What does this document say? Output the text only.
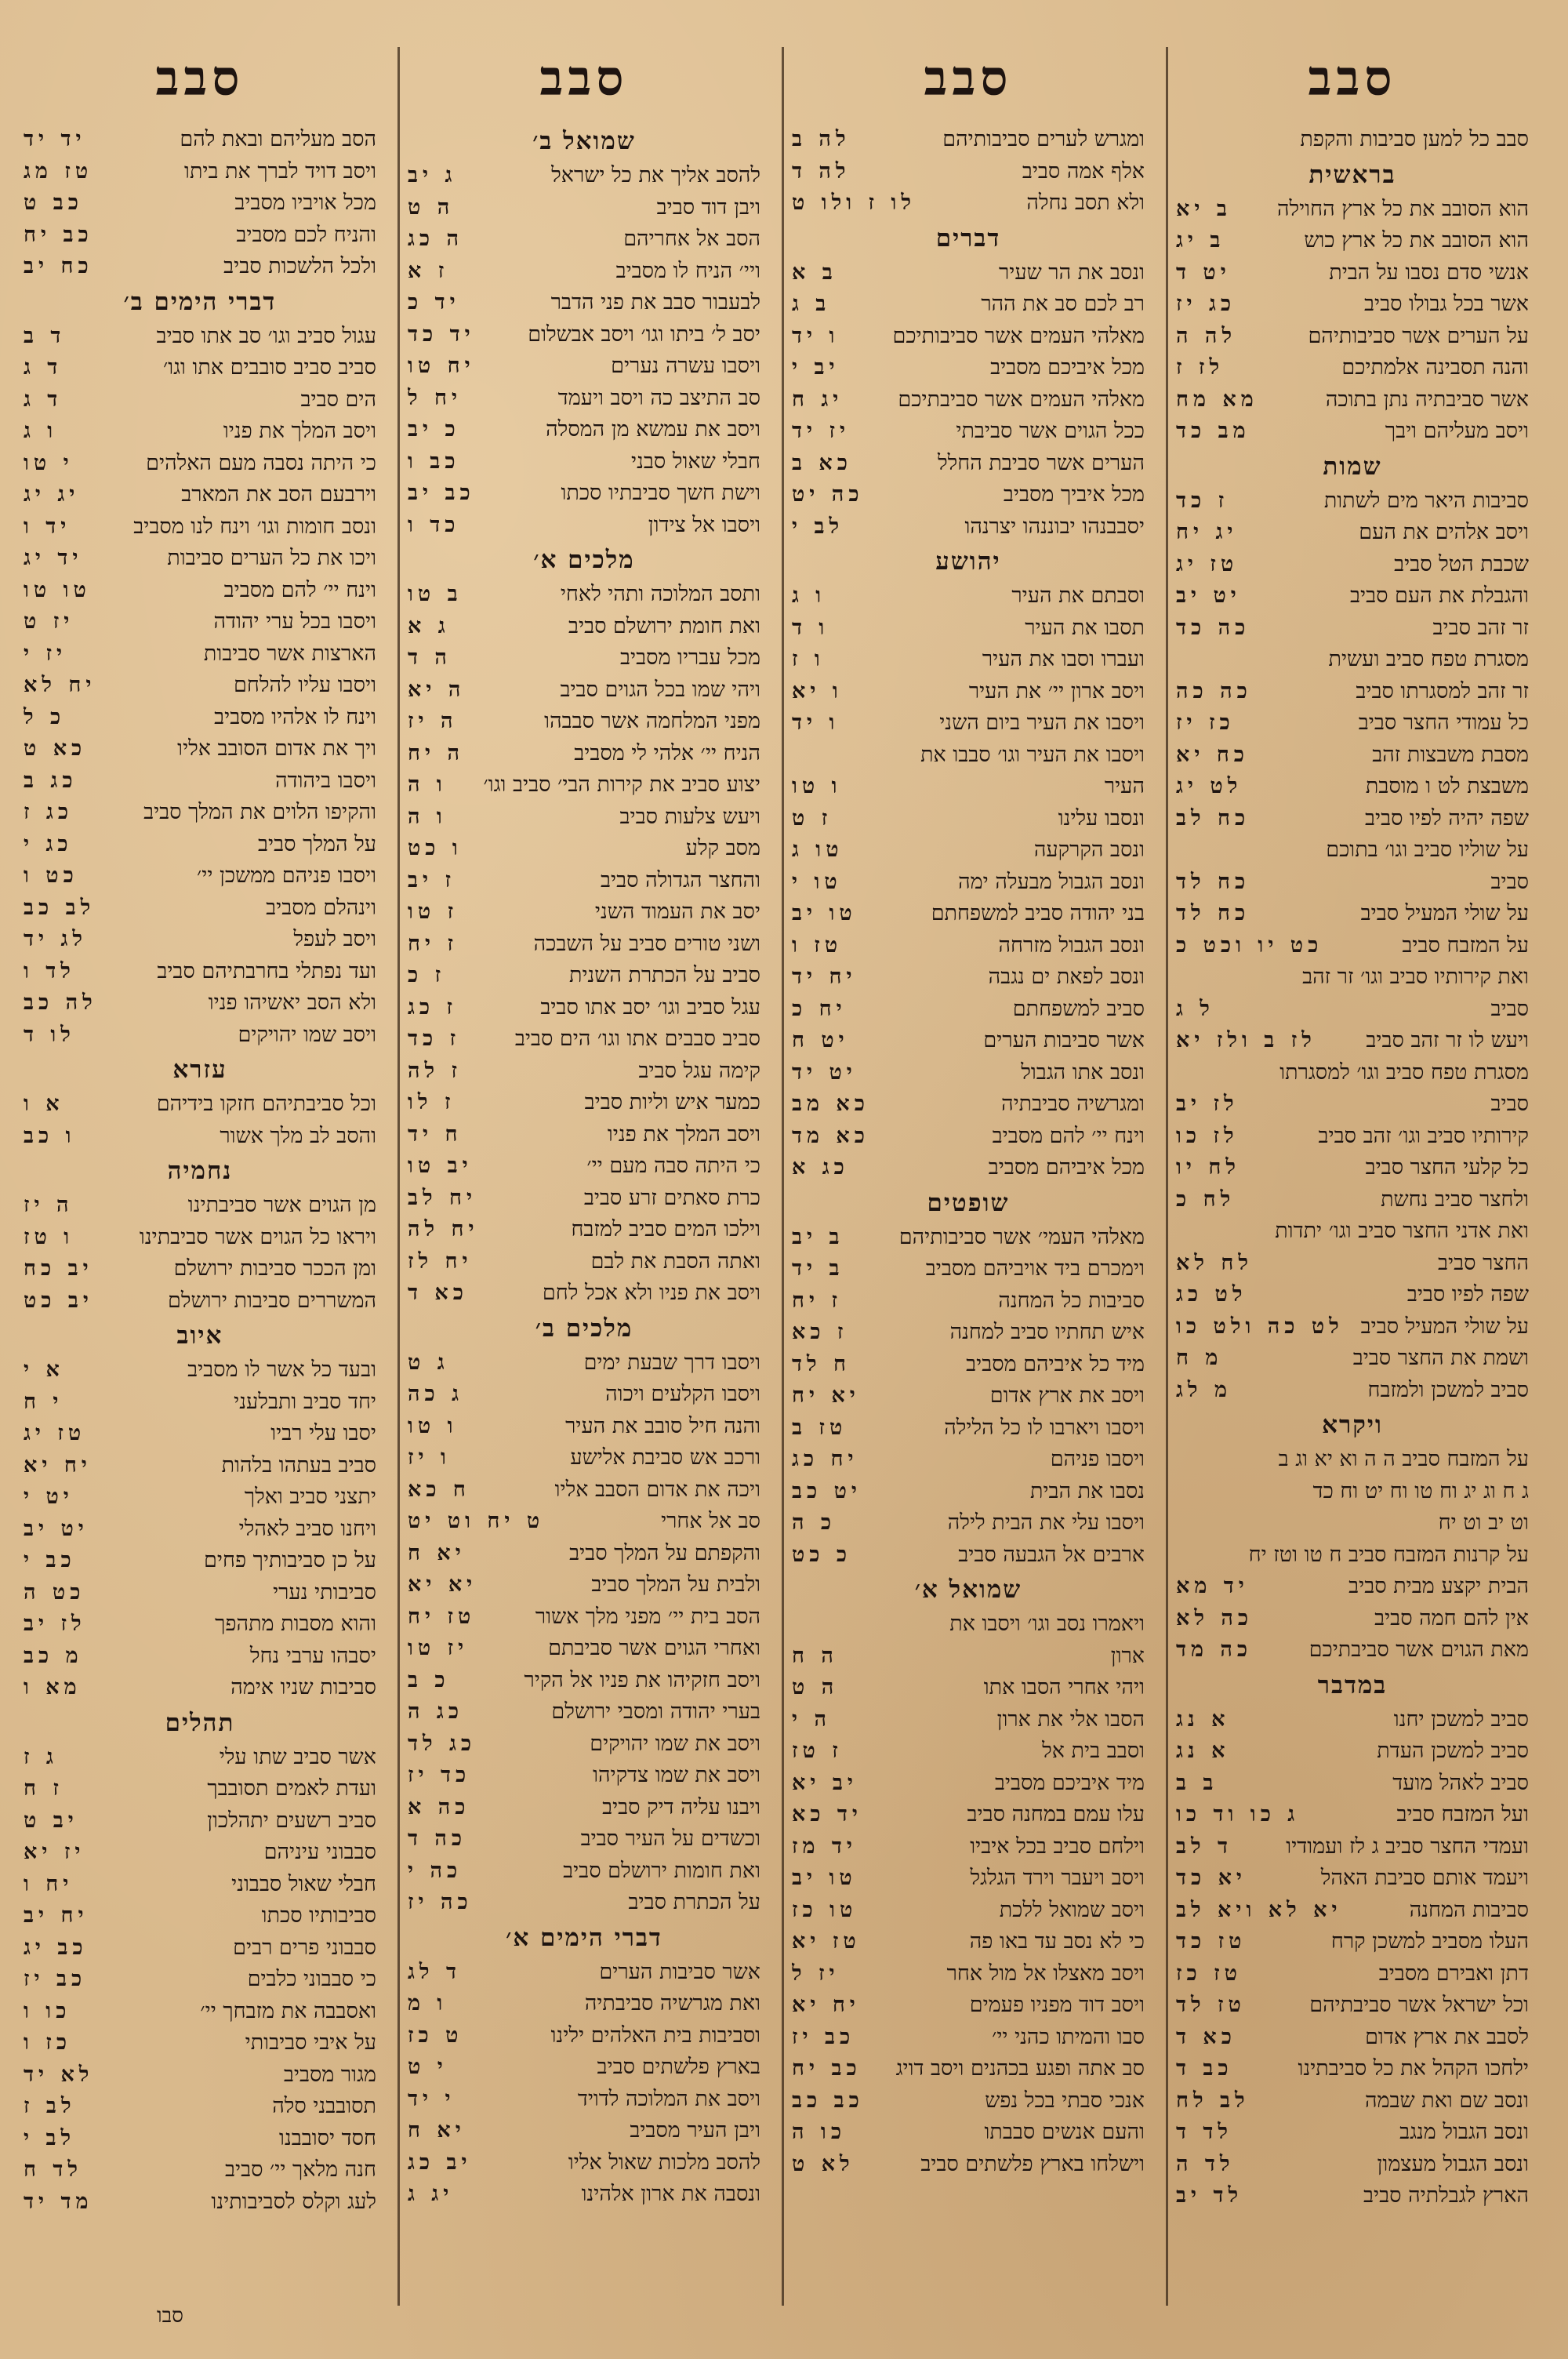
סבב
סבב כל למען סביבות והקפת
בראשית
הוא הסובב את כל ארץ החוילה
ב יא
הוא הסובב את כל ארץ כוש
ב יג
אנשי סדם נסבו על הבית
יט ד
אשר בכל גבולו סביב
כג יז
על הערים אשר סביבותיהם
לה ה
והנה תסבינה אלמתיכם
לז ז
אשר סביבתיה נתן בתוכה
מא מח
ויסב מעליהם ויבך
מב כד
שמות
סביבות היאר מים לשתות
ז כד
ויסב אלהים את העם
יג יח
שכבת הטל סביב
טז יג
והגבלת את העם סביב
יט יב
זר זהב סביב
כה כד
מסגרת טפח סביב ועשית
זר זהב למסגרתו סביב
כה כה
כל עמודי החצר סביב
כז יז
מסבת משבצות זהב
כח יא
משבצת לט ו מוסבת
לט יג
שפה יהיה לפיו סביב
כח לב
על שוליו סביב וגו׳ בתוכם
סביב
כח לד
על שולי המעיל סביב
כח לד
על המזבח סביב
כט יו וכט כ
ואת קירותיו סביב וגו׳ זר זהב
סביב
ל ג
ויעש לו זר זהב סביב
לז ב ולז יא
מסגרת טפח סביב וגו׳ למסגרתו
סביב
לז יב
קירותיו סביב וגו׳ זהב סביב
לז כו
כל קלעי החצר סביב
לח יו
ולחצר סביב נחשת
לח כ
ואת אדני החצר סביב וגו׳ יתדות
החצר סביב
לח לא
שפה לפיו סביב
לט כג
על שולי המעיל סביב
לט כה ולט כו
ושמת את החצר סביב
מ ח
סביב למשכן ולמזבח
מ לג
ויקרא
על המזבח סביב ה ה וא יא וג ב
ג ח וג יג וח טו וח יט וח כד
וט יב וט יח
על קרנות המזבח סביב ח טו וטז יח
הבית יקצע מבית סביב
יד מא
אין להם חמה סביב
כה לא
מאת הגוים אשר סביבתיכם
כה מד
במדבר
סביב למשכן יחנו
א נג
סביב למשכן העדת
א נג
סביב לאהל מועד
ב ב
ועל המזבח סביב
ג כו וד כו
ועמדי החצר סביב ג לז ועמודיו
ד לב
ויעמד אותם סביבת האהל
יא כד
סביבות המחנה
יא לא ויא לב
העלו מסביב למשכן קרח
טז כד
דתן ואבירם מסביב
טז כז
וכל ישראל אשר סביבתיהם
טז לד
לסבב את ארץ אדום
כא ד
ילחכו הקהל את כל סביבתינו
כב ד
ונסב שם ואת שבמה
לב לח
ונסב הגבול מנגב
לד ד
ונסב הגבול מעצמון
לד ה
הארץ לגבלתיה סביב
לד יב
סבב
ומגרש לערים סביבותיהם
לה ב
אלף אמה סביב
לה ד
ולא תסב נחלה
לו ז ולו ט
דברים
ונסב את הר שעיר
ב א
רב לכם סב את ההר
ב ג
מאלהי העמים אשר סביבותיכם
ו יד
מכל איביכם מסביב
יב י
מאלהי העמים אשר סביבתיכם
יג ח
ככל הגוים אשר סביבתי
יז יד
הערים אשר סביבת החלל
כא ב
מכל איביך מסביב
כה יט
יסבבנהו יבוננהו יצרנהו
לב י
יהושע
וסבתם את העיר
ו ג
תסבו את העיר
ו ד
ועברו וסבו את העיר
ו ז
ויסב ארון יי׳ את העיר
ו יא
ויסבו את העיר ביום השני
ו יד
ויסבו את העיר וגו׳ סבבו את
העיר
ו טו
ונסבו עלינו
ז ט
ונסב הקרקעה
טו ג
ונסב הגבול מבעלה ימה
טו י
בני יהודה סביב למשפחתם
טו יב
ונסב הגבול מזרחה
טז ו
ונסב לפאת ים נגבה
יח יד
סביב למשפחתם
יח כ
אשר סביבות הערים
יט ח
ונסב אתו הגבול
יט יד
ומגרשיה סביבתיה
כא מב
וינח יי׳ להם מסביב
כא מד
מכל איביהם מסביב
כג א
שופטים
מאלהי העמי׳ אשר סביבותיהם
ב יב
וימכרם ביד אויביהם מסביב
ב יד
סביבות כל המחנה
ז יח
איש תחתיו סביב למחנה
ז כא
מיד כל איביהם מסביב
ח לד
ויסב את ארץ אדום
יא יח
ויסבו ויארבו לו כל הלילה
טז ב
ויסבו פניהם
יח כג
נסבו את הבית
יט כב
ויסבו עלי את הבית לילה
כ ה
ארבים אל הגבעה סביב
כ כט
שמואל א׳
ויאמרו נסב וגו׳ ויסבו את
ארון
ה ח
ויהי אחרי הסבו אתו
ה ט
הסבו אלי את ארון
ה י
וסבב בית אל
ז טז
מיד איביכם מסביב
יב יא
עלו עמם במחנה סביב
יד כא
וילחם סביב בכל איביו
יד מז
ויסב ויעבר וירד הגלגל
טו יב
ויסב שמואל ללכת
טו כז
כי לא נסב עד באו פה
טז יא
ויסב מאצלו אל מול אחר
יז ל
ויסב דוד מפניו פעמים
יח יא
סבו והמיתו כהני יי׳
כב יז
סב אתה ופגע בכהנים ויסב דויג
כב יח
אנכי סבתי בכל נפש
כב כב
והעם אנשים סבבתו
כו ה
וישלחו בארץ פלשתים סביב
לא ט
סבב
שמואל ב׳
להסב אליך את כל ישראל
ג יב
ויבן דוד סביב
ה ט
הסב אל אחריהם
ה כג
ויי׳ הניח לו מסביב
ז א
לבעבור סבב את פני הדבר
יד כ
יסב ל׳ ביתו וגו׳ ויסב אבשלום
יד כד
ויסבו עשרה נערים
יח טו
סב התיצב כה ויסב ויעמד
יח ל
ויסב את עמשא מן המסלה
כ יב
חבלי שאול סבני
כב ו
וישת חשך סביבתיו סכתו
כב יב
ויסבו אל צידון
כד ו
מלכים א׳
ותסב המלוכה ותהי לאחי
ב טו
ואת חומת ירושלם סביב
ג א
מכל עבריו מסביב
ה ד
ויהי שמו בכל הגוים סביב
ה יא
מפני המלחמה אשר סבבהו
ה יז
הניח יי׳ אלהי לי מסביב
ה יח
יצוע סביב את קירות הבי׳ סביב וגו׳
ו ה
ויעש צלעות סביב
ו ה
מסב קלע
ו כט
והחצר הגדולה סביב
ז יב
יסב את העמוד השני
ז טו
ושני טורים סביב על השבכה
ז יח
סביב על הכתרת השנית
ז כ
עגל סביב וגו׳ יסב אתו סביב
ז כג
סביב סבבים אתו וגו׳ הים סביב
ז כד
קימה עגל סביב
ז לה
כמער איש וליות סביב
ז לו
ויסב המלך את פניו
ח יד
כי היתה סבה מעם יי׳
יב טו
כרת סאתים זרע סביב
יח לב
וילכו המים סביב למזבח
יח לה
ואתה הסבת את לבם
יח לז
ויסב את פניו ולא אכל לחם
כא ד
מלכים ב׳
ויסבו דרך שבעת ימים
ג ט
ויסבו הקלעים ויכוה
ג כה
והנה חיל סובב את העיר
ו טו
ורכב אש סביבת אלישע
ו יז
ויכה את אדום הסבב אליו
ח כא
סב אל אחרי
ט יח וט יט
והקפתם על המלך סביב
יא ח
ולבית על המלך סביב
יא יא
הסב בית יי׳ מפני מלך אשור
טז יח
ואחרי הגוים אשר סביבתם
יז טו
ויסב חזקיהו את פניו אל הקיר
כ ב
בערי יהודה ומסבי ירושלם
כג ה
ויסב את שמו יהויקים
כג לד
ויסב את שמו צדקיהו
כד יז
ויבנו עליה דיק סביב
כה א
וכשדים על העיר סביב
כה ד
ואת חומות ירושלם סביב
כה י
על הכתרת סביב
כה יז
דברי הימים א׳
אשר סביבות הערים
ד לג
ואת מגרשיה סביבתיה
ו מ
וסביבות בית האלהים ילינו
ט כז
בארץ פלשתים סביב
י ט
ויסב את המלוכה לדויד
י יד
ויבן העיר מסביב
יא ח
להסב מלכות שאול אליו
יב כג
ונסבה את ארון אלהינו
יג ג
סבב
הסב מעליהם ובאת להם
יד יד
ויסב דויד לברך את ביתו
טז מג
מכל אויביו מסביב
כב ט
והניח לכם מסביב
כב יח
ולכל הלשכות סביב
כח יב
דברי הימים ב׳
עגול סביב וגו׳ סב אתו סביב
ד ב
סביב סביב סובבים אתו וגו׳
ד ג
הים סביב
ד ג
ויסב המלך את פניו
ו ג
כי היתה נסבה מעם האלהים
י טו
וירבעם הסב את המארב
יג יג
ונסב חומות וגו׳ וינח לנו מסביב
יד ו
ויכו את כל הערים סביבות
יד יג
וינח יי׳ להם מסביב
טו טו
ויסבו בכל ערי יהודה
יז ט
הארצות אשר סביבות
יז י
ויסבו עליו להלחם
יח לא
וינח לו אלהיו מסביב
כ ל
ויך את אדום הסובב אליו
כא ט
ויסבו ביהודה
כג ב
והקיפו הלוים את המלך סביב
כג ז
על המלך סביב
כג י
ויסבו פניהם ממשכן יי׳
כט ו
וינהלם מסביב
לב כב
ויסב לעפל
לג יד
ועד נפתלי בחרבתיהם סביב
לד ו
ולא הסב יאשיהו פניו
לה כב
ויסב שמו יהויקים
לו ד
עזרא
וכל סביבתיהם חזקו בידיהם
א ו
והסב לב מלך אשור
ו כב
נחמיה
מן הגוים אשר סביבתינו
ה יז
ויראו כל הגוים אשר סביבתינו
ו טז
ומן הככר סביבות ירושלם
יב כח
המשררים סביבות ירושלם
יב כט
איוב
ובעד כל אשר לו מסביב
א י
יחד סביב ותבלעני
י ח
יסבו עלי רביו
טז יג
סביב בעתהו בלהות
יח יא
יתצני סביב ואלך
יט י
ויחנו סביב לאהלי
יט יב
על כן סביבותיך פחים
כב י
סביבותי נערי
כט ה
והוא מסבות מתהפך
לז יב
יסבהו ערבי נחל
מ כב
סביבות שניו אימה
מא ו
תהלים
אשר סביב שתו עלי
ג ז
ועדת לאמים תסובבך
ז ח
סביב רשעים יתהלכון
יב ט
סבבוני עיניהם
יז יא
חבלי שאול סבבוני
יח ו
סביבותיו סכתו
יח יב
סבבוני פרים רבים
כב יג
כי סבבוני כלבים
כב יז
ואסבבה את מזבחך יי׳
כו ו
על איבי סביבותי
כז ו
מגור מסביב
לא יד
תסובבני סלה
לב ז
חסד יסובבנו
לב י
חנה מלאך יי׳ סביב
לד ח
לעג וקלס לסביבותינו
מד יד
סבו
